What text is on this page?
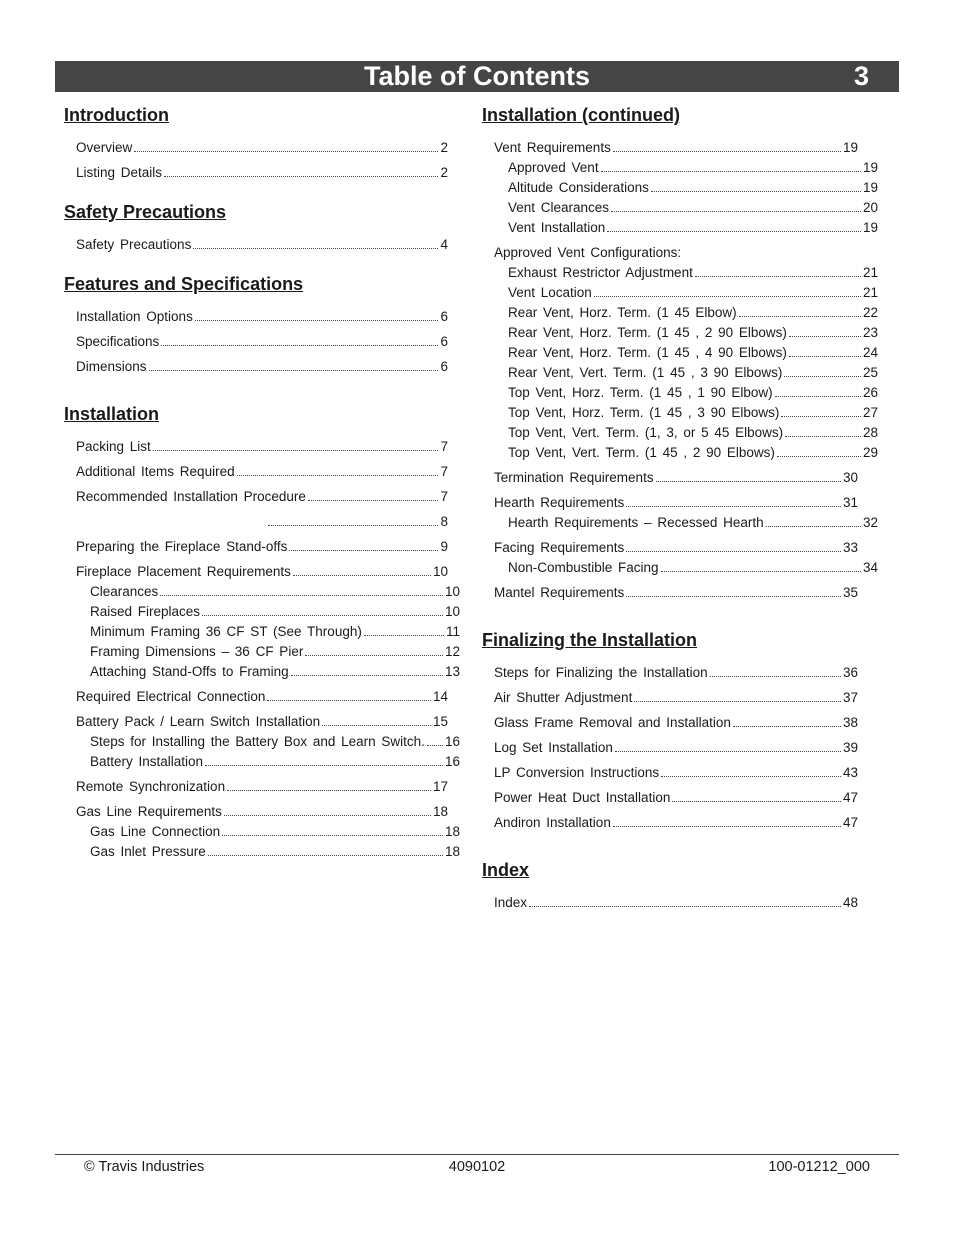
Table of Contents	3
Introduction
Overview	2
Listing Details	2
Safety Precautions
Safety Precautions	4
Features and Specifications
Installation Options	6
Specifications	6
Dimensions	6
Installation
Packing List	7
Additional Items Required	7
Recommended Installation Procedure	7
8
Preparing the Fireplace Stand-offs	9
Fireplace Placement Requirements	10
Clearances	10
Raised Fireplaces	10
Minimum Framing 36 CF ST (See Through)	11
Framing Dimensions – 36 CF Pier	12
Attaching Stand-Offs to Framing	13
Required Electrical Connection	14
Battery Pack / Learn Switch Installation	15
Steps for Installing the Battery Box and Learn Switch. 16
Battery Installation	16
Remote Synchronization	17
Gas Line Requirements	18
Gas Line Connection	18
Gas Inlet Pressure	18
Installation (continued)
Vent Requirements	19
Approved Vent	19
Altitude Considerations	19
Vent Clearances	20
Vent Installation	19
Approved Vent Configurations:
Exhaust Restrictor Adjustment	21
Vent Location	21
Rear Vent, Horz. Term. (1 45 Elbow)	22
Rear Vent, Horz. Term. (1 45 , 2 90 Elbows)	23
Rear Vent, Horz. Term. (1 45 , 4 90 Elbows)	24
Rear Vent, Vert. Term. (1 45 , 3 90 Elbows)	25
Top Vent, Horz. Term. (1 45 , 1 90 Elbow)	26
Top Vent, Horz. Term. (1 45 , 3 90 Elbows)	27
Top Vent, Vert. Term. (1, 3, or 5 45 Elbows)	28
Top Vent, Vert. Term. (1 45 , 2 90 Elbows)	29
Termination Requirements	30
Hearth Requirements	31
Hearth Requirements – Recessed Hearth	32
Facing Requirements	33
Non-Combustible Facing	34
Mantel Requirements	35
Finalizing the Installation
Steps for Finalizing the Installation	36
Air Shutter Adjustment	37
Glass Frame Removal and Installation	38
Log Set Installation	39
LP Conversion Instructions	43
Power Heat Duct Installation	47
Andiron Installation	47
Index
Index	48
© Travis Industries	4090102	100-01212_000
